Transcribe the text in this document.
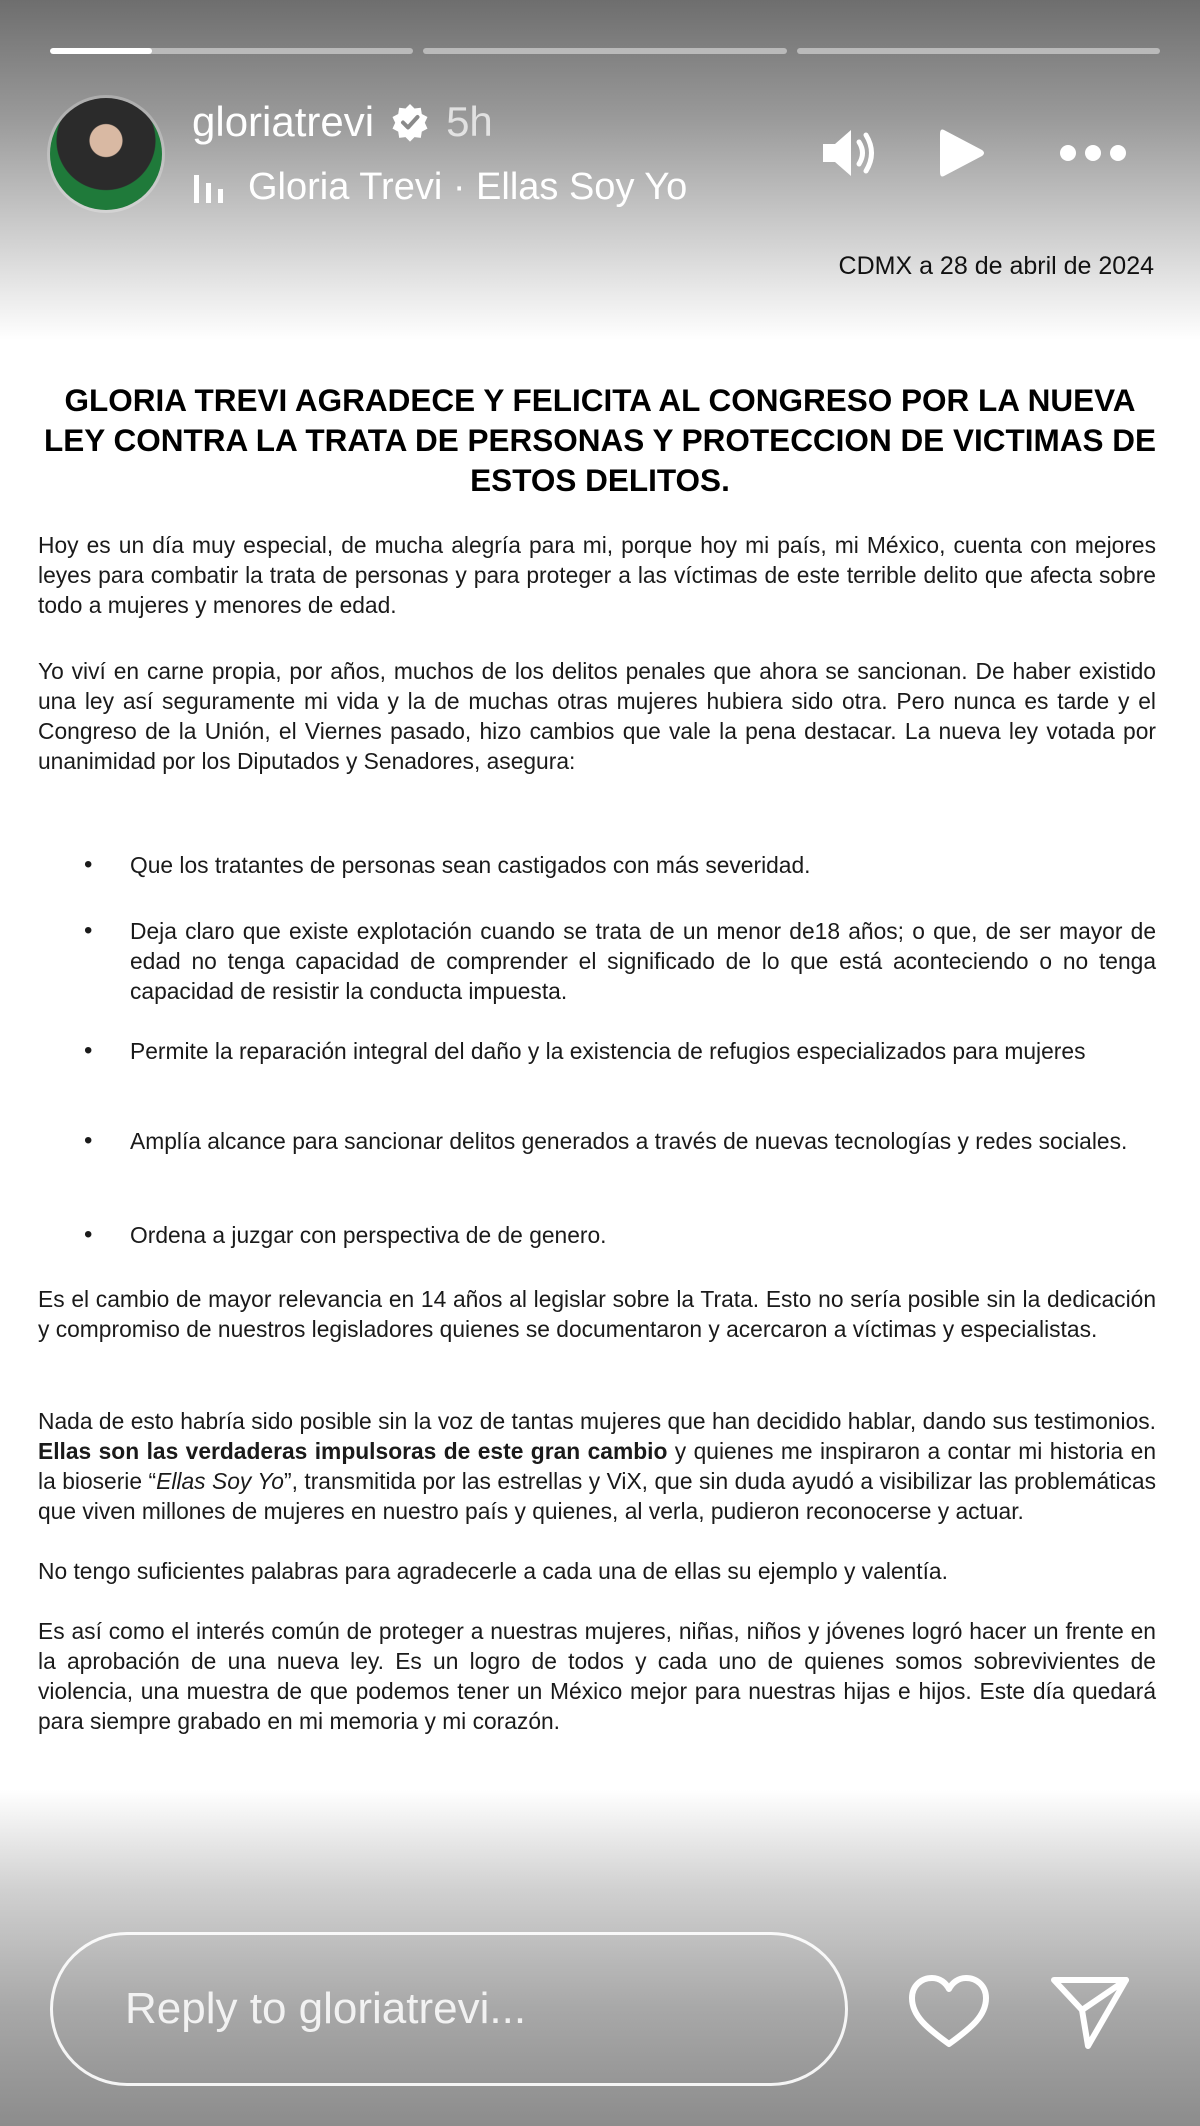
GLORIA TREVI AGRADECE Y FELICITA AL CONGRESO POR LA NUEVA LEY CONTRA LA TRATA DE PERSONAS Y PROTECCION DE VICTIMAS DE ESTOS DELITOS.

Hoy es un día muy especial, de mucha alegría para mi, porque hoy mi país, mi México, cuenta con mejores leyes para combatir la trata de personas y para proteger a las víctimas de este terrible delito que afecta sobre todo a mujeres y menores de edad.

Yo viví en carne propia, por años, muchos de los delitos penales que ahora se sancionan. De haber existido una ley así seguramente mi vida y la de muchas otras mujeres hubiera sido otra. Pero nunca es tarde y el Congreso de la Unión, el Viernes pasado, hizo cambios que vale la pena destacar. La nueva ley votada por unanimidad por los Diputados y Senadores, asegura:

• Que los tratantes de personas sean castigados con más severidad.
• Deja claro que existe explotación cuando se trata de un menor de18 años; o que, de ser mayor de edad no tenga capacidad de comprender el significado de lo que está aconteciendo o no tenga capacidad de resistir la conducta impuesta.
• Permite la reparación integral del daño y la existencia de refugios especializados para mujeres
• Amplía alcance para sancionar delitos generados a través de nuevas tecnologías y redes sociales.
• Ordena a juzgar con perspectiva de de genero.

Es el cambio de mayor relevancia en 14 años al legislar sobre la Trata. Esto no sería posible sin la dedicación y compromiso de nuestros legisladores quienes se documentaron y acercaron a víctimas y especialistas.

Nada de esto habría sido posible sin la voz de tantas mujeres que han decidido hablar, dando sus testimonios. Ellas son las verdaderas impulsoras de este gran cambio y quienes me inspiraron a contar mi historia en la bioserie “Ellas Soy Yo”, transmitida por las estrellas y ViX, que sin duda ayudó a visibilizar las problemáticas que viven millones de mujeres en nuestro país y quienes, al verla, pudieron reconocerse y actuar.

No tengo suficientes palabras para agradecerle a cada una de ellas su ejemplo y valentía.

Es así como el interés común de proteger a nuestras mujeres, niñas, niños y jóvenes logró hacer un frente en la aprobación de una nueva ley. Es un logro de todos y cada uno de quienes somos sobrevivientes de violencia, una muestra de que podemos tener un México mejor para nuestras hijas e hijos. Este día quedará para siempre grabado en mi memoria y mi corazón.

CDMX a 28 de abril de 2024
gloriatrevi 5h
Gloria Trevi · Ellas Soy Yo
Reply to gloriatrevi...
